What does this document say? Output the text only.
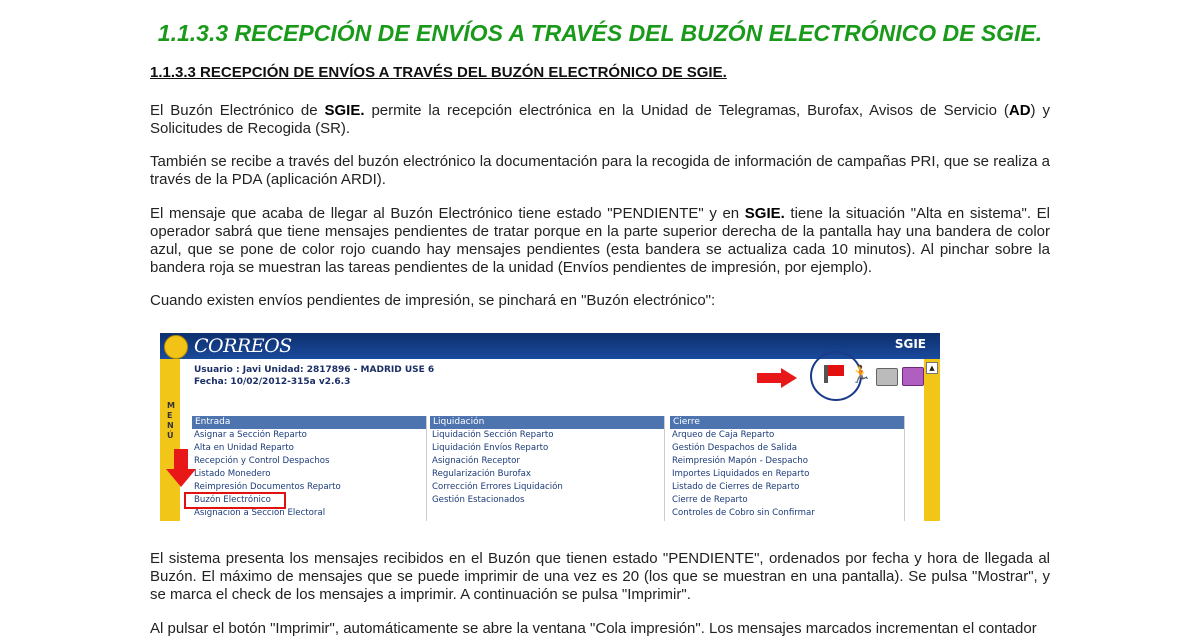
1.1.3.3 RECEPCIÓN DE ENVÍOS A TRAVÉS DEL BUZÓN ELECTRÓNICO DE SGIE.
1.1.3.3 RECEPCIÓN DE ENVÍOS A TRAVÉS DEL BUZÓN ELECTRÓNICO DE SGIE.

El Buzón Electrónico de SGIE. permite la recepción electrónica en la Unidad de Telegramas, Burofax, Avisos de Servicio (AD) y Solicitudes de Recogida (SR).

También se recibe a través del buzón electrónico la documentación para la recogida de información de campañas PRI, que se realiza a través de la PDA (aplicación ARDI).

El mensaje que acaba de llegar al Buzón Electrónico tiene estado "PENDIENTE" y en SGIE. tiene la situación "Alta en sistema". El operador sabrá que tiene mensajes pendientes de tratar porque en la parte superior derecha de la pantalla hay una bandera de color azul, que se pone de color rojo cuando hay mensajes pendientes (esta bandera se actualiza cada 10 minutos). Al pinchar sobre la bandera roja se muestran las tareas pendientes de la unidad (Envíos pendientes de impresión, por ejemplo).

Cuando existen envíos pendientes de impresión, se pinchará en "Buzón electrónico":

CORREOS	SGIE
MENÚ
▲
Usuario : Javi Unidad: 2817896 - MADRID USE 6
Fecha: 10/02/2012-315a v2.6.3	🏃
Entrada
Asignar a Sección Reparto
Alta en Unidad Reparto
Recepción y Control Despachos
Listado Monedero
Reimpresión Documentos Reparto
Buzón Electrónico
Asignación a Sección Electoral
Liquidación
Liquidación Sección Reparto
Liquidación Envíos Reparto
Asignación Receptor
Regularización Burofax
Corrección Errores Liquidación
Gestión Estacionados
Cierre
Arqueo de Caja Reparto
Gestión Despachos de Salida
Reimpresión Mapón - Despacho
Importes Liquidados en Reparto
Listado de Cierres de Reparto
Cierre de Reparto
Controles de Cobro sin Confirmar

El sistema presenta los mensajes recibidos en el Buzón que tienen estado "PENDIENTE", ordenados por fecha y hora de llegada al Buzón. El máximo de mensajes que se puede imprimir de una vez es 20 (los que se muestran en una pantalla). Se pulsa "Mostrar", y se marca el check de los mensajes a imprimir. A continuación se pulsa "Imprimir".

Al pulsar el botón "Imprimir", automáticamente se abre la ventana "Cola impresión". Los mensajes marcados incrementan el contador
